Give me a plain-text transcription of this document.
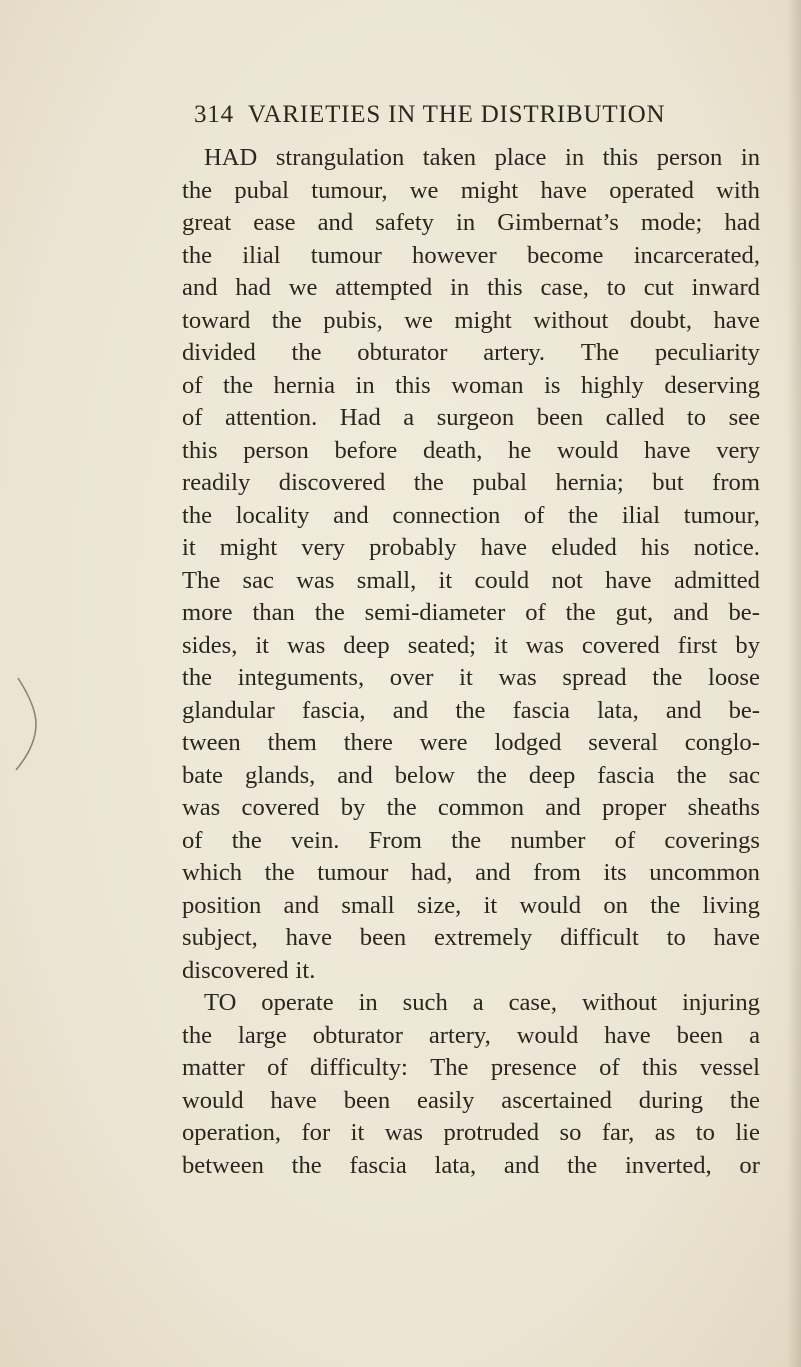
314 VARIETIES IN THE DISTRIBUTION
HAD strangulation taken place in this person in
the pubal tumour, we might have operated with
great ease and safety in Gimbernat’s mode; had
the ilial tumour however become incarcerated,
and had we attempted in this case, to cut inward
toward the pubis, we might without doubt, have
divided the obturator artery. The peculiarity
of the hernia in this woman is highly deserving
of attention. Had a surgeon been called to see
this person before death, he would have very
readily discovered the pubal hernia; but from
the locality and connection of the ilial tumour,
it might very probably have eluded his notice.
The sac was small, it could not have admitted
more than the semi-diameter of the gut, and be-
sides, it was deep seated; it was covered first by
the integuments, over it was spread the loose
glandular fascia, and the fascia lata, and be-
tween them there were lodged several conglo-
bate glands, and below the deep fascia the sac
was covered by the common and proper sheaths
of the vein. From the number of coverings
which the tumour had, and from its uncommon
position and small size, it would on the living
subject, have been extremely difficult to have
discovered it.
TO operate in such a case, without injuring
the large obturator artery, would have been a
matter of difficulty: The presence of this vessel
would have been easily ascertained during the
operation, for it was protruded so far, as to lie
between the fascia lata, and the inverted, or
